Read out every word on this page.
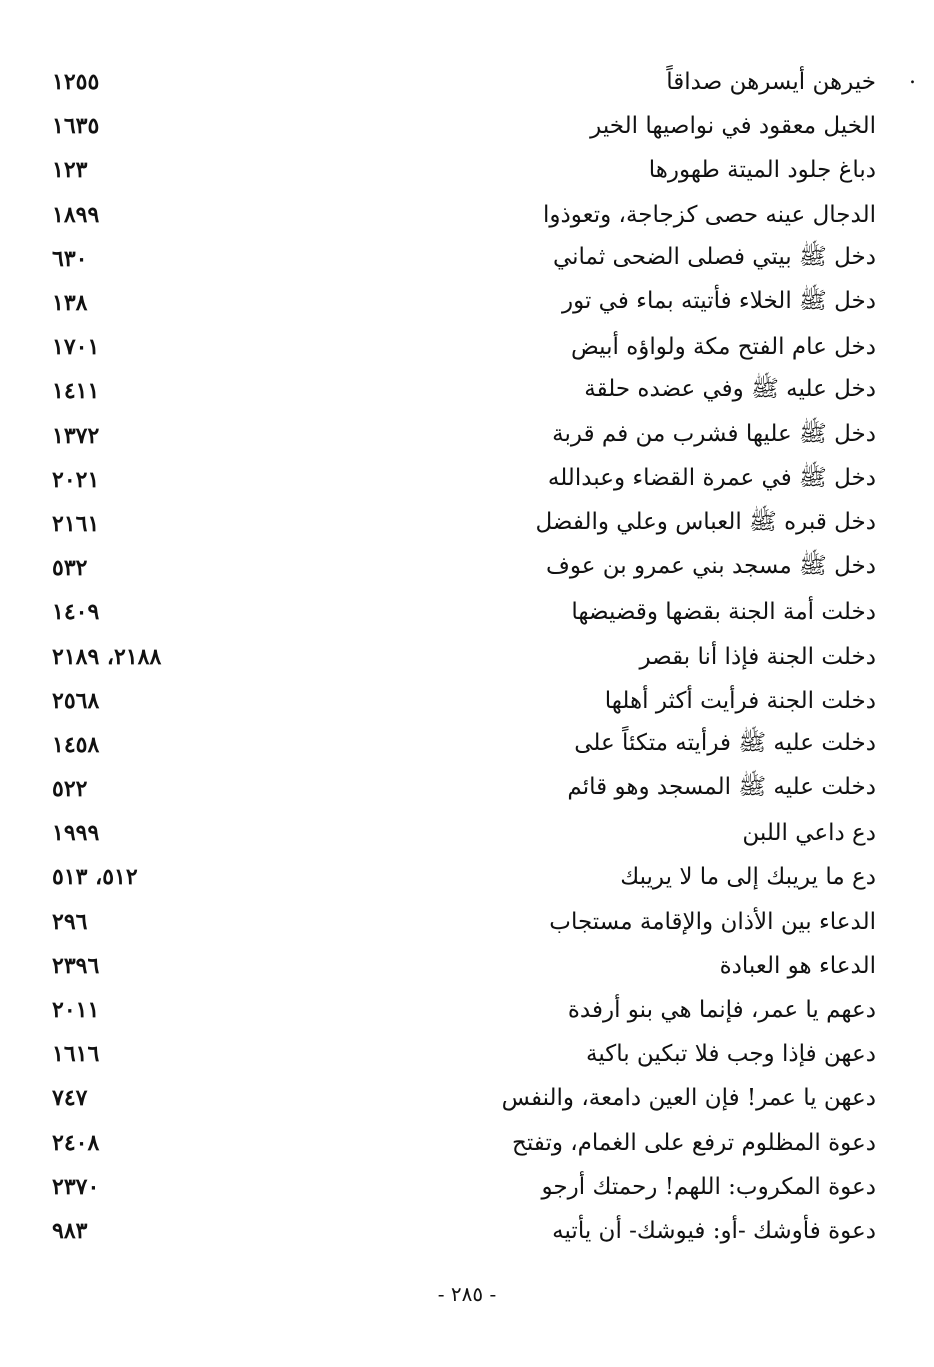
.
١٢٥٥	خيرهن أيسرهن صداقاً
١٦٣٥	الخيل معقود في نواصيها الخير
١٢٣	دباغ جلود الميتة طهورها
١٨٩٩	الدجال عينه حصى كزجاجة، وتعوذوا
٦٣٠	دخل ﷺ بيتي فصلى الضحى ثماني
١٣٨	دخل ﷺ الخلاء فأتيته بماء في تور
١٧٠١	دخل عام الفتح مكة ولواؤه أبيض
١٤١١	دخل عليه ﷺ وفي عضده حلقة
١٣٧٢	دخل ﷺ عليها فشرب من فم قربة
٢٠٢١	دخل ﷺ في عمرة القضاء وعبدالله
٢١٦١	دخل قبره ﷺ العباس وعلي والفضل
٥٣٢	دخل ﷺ مسجد بني عمرو بن عوف
١٤٠٩	دخلت أمة الجنة بقضها وقضيضها
٢١٨٨، ٢١٨٩	دخلت الجنة فإذا أنا بقصر
٢٥٦٨	دخلت الجنة فرأيت أكثر أهلها
١٤٥٨	دخلت عليه ﷺ فرأيته متكئاً على
٥٢٢	دخلت عليه ﷺ المسجد وهو قائم
١٩٩٩	دع داعي اللبن
٥١٢، ٥١٣	دع ما يريبك إلى ما لا يريبك
٢٩٦	الدعاء بين الأذان والإقامة مستجاب
٢٣٩٦	الدعاء هو العبادة
٢٠١١	دعهم يا عمر، فإنما هي بنو أرفدة
١٦١٦	دعهن فإذا وجب فلا تبكين باكية
٧٤٧	دعهن يا عمر! فإن العين دامعة، والنفس
٢٤٠٨	دعوة المظلوم ترفع على الغمام، وتفتح
٢٣٧٠	دعوة المكروب: اللهم! رحمتك أرجو
٩٨٣	دعوة فأوشك -أو: فيوشك- أن يأتيه
- ٢٨٥ -
